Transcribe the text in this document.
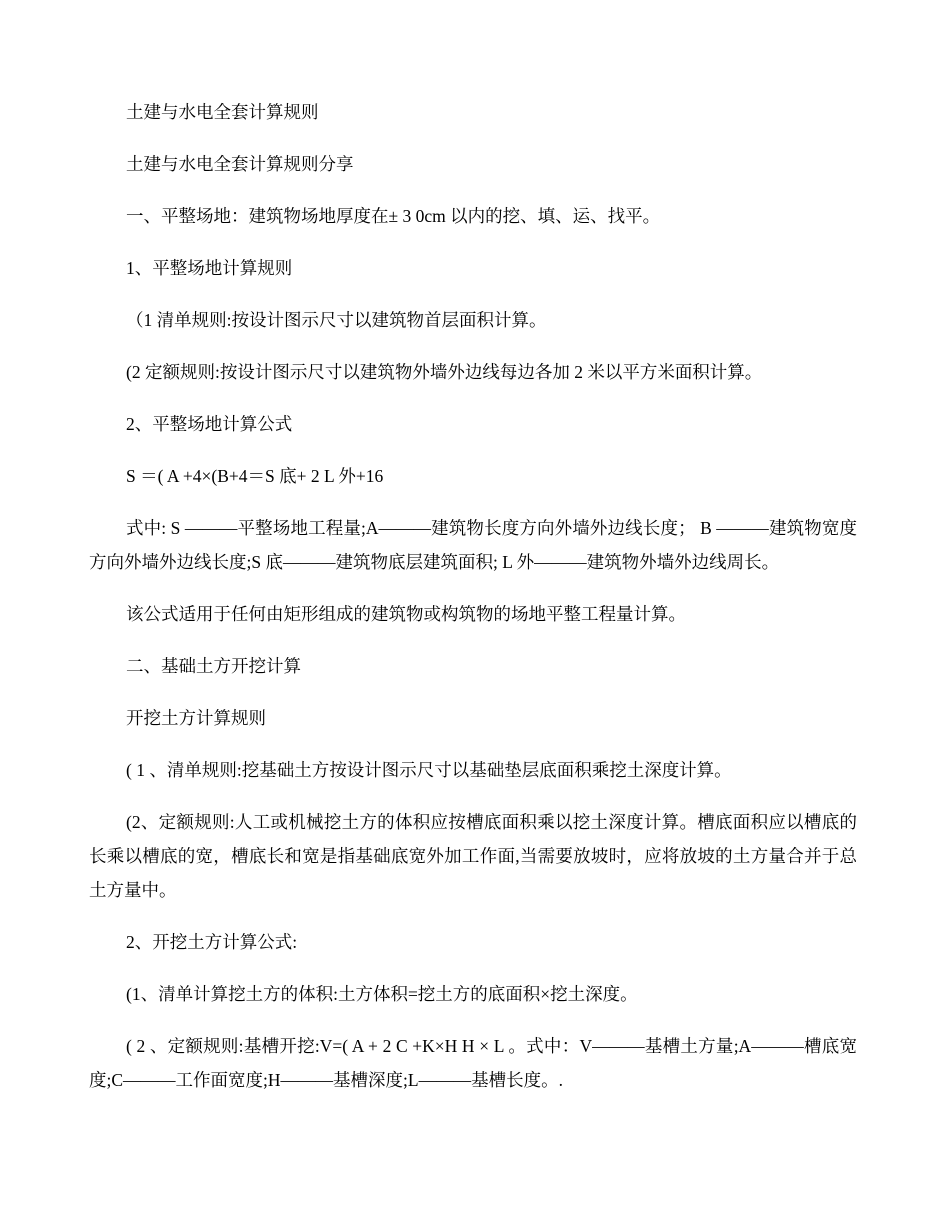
土建与水电全套计算规则

土建与水电全套计算规则分享

一、平整场地：建筑物场地厚度在± 3 0cm 以内的挖、填、运、找平。

1、平整场地计算规则

（1 清单规则:按设计图示尺寸以建筑物首层面积计算。

(2 定额规则:按设计图示尺寸以建筑物外墙外边线每边各加 2 米以平方米面积计算。

2、平整场地计算公式

S ＝( A +4×(B+4＝S 底+ 2 L 外+16

式中: S ———平整场地工程量;A———建筑物长度方向外墙外边线长度； B ———建筑物宽度方向外墙外边线长度;S 底———建筑物底层建筑面积; L 外———建筑物外墙外边线周长。

该公式适用于任何由矩形组成的建筑物或构筑物的场地平整工程量计算。

二、基础土方开挖计算

开挖土方计算规则

( 1 、清单规则:挖基础土方按设计图示尺寸以基础垫层底面积乘挖土深度计算。

(2、定额规则:人工或机械挖土方的体积应按槽底面积乘以挖土深度计算。槽底面积应以槽底的长乘以槽底的宽，槽底长和宽是指基础底宽外加工作面,当需要放坡时，应将放坡的土方量合并于总土方量中。

2、开挖土方计算公式:

(1、清单计算挖土方的体积:土方体积=挖土方的底面积×挖土深度。

( 2 、定额规则:基槽开挖:V=( A + 2 C +K×H H × L 。式中：V———基槽土方量;A———槽底宽度;C———工作面宽度;H———基槽深度;L———基槽长度。.
